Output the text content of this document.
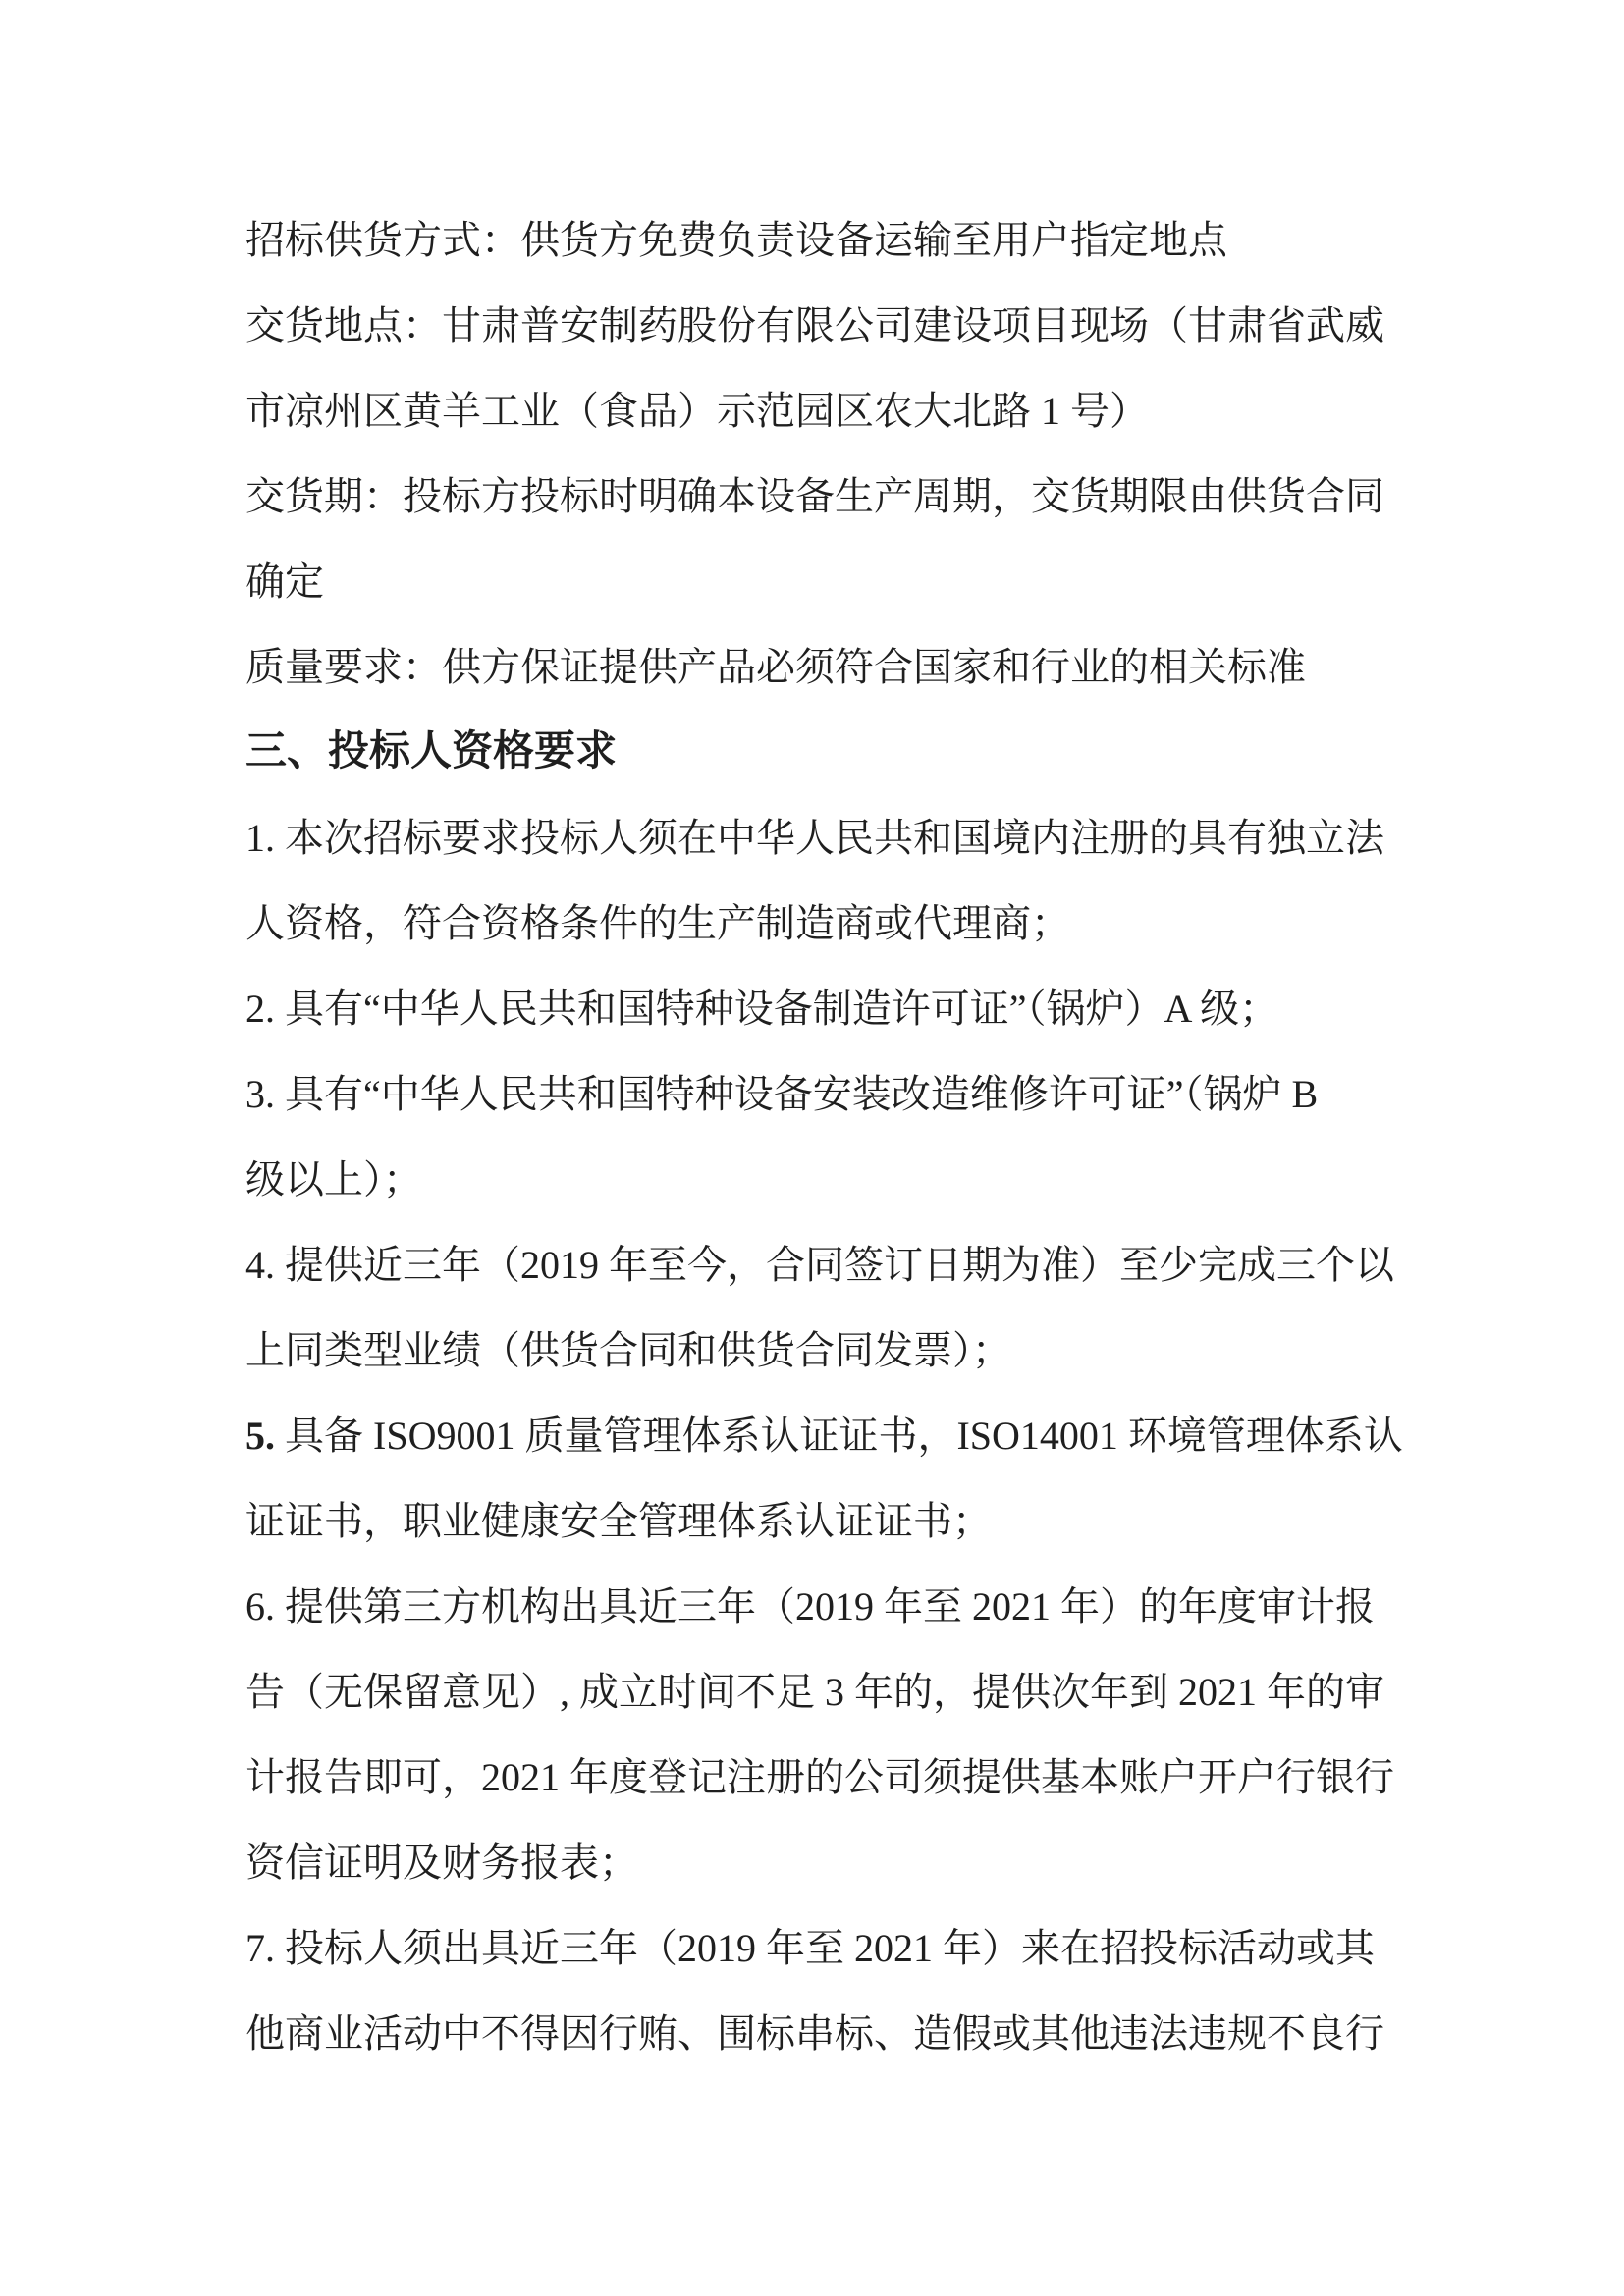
招标供货方式：供货方免费负责设备运输至用户指定地点
交货地点：甘肃普安制药股份有限公司建设项目现场（甘肃省武威
市凉州区黄羊工业（食品）示范园区农大北路 1 号）
交货期：投标方投标时明确本设备生产周期，交货期限由供货合同
确定
质量要求：供方保证提供产品必须符合国家和行业的相关标准
三、投标人资格要求
1. 本次招标要求投标人须在中华人民共和国境内注册的具有独立法
人资格，符合资格条件的生产制造商或代理商；
2. 具有“中华人民共和国特种设备制造许可证”（锅炉）A 级；
3. 具有“中华人民共和国特种设备安装改造维修许可证”（锅炉 B
级以上）；
4. 提供近三年（2019 年至今，合同签订日期为准）至少完成三个以
上同类型业绩（供货合同和供货合同发票）；
5. 具备 ISO9001 质量管理体系认证证书，ISO14001 环境管理体系认
证证书，职业健康安全管理体系认证证书；
6. 提供第三方机构出具近三年（2019 年至 2021 年）的年度审计报
告（无保留意见）, 成立时间不足 3 年的，提供次年到 2021 年的审
计报告即可，2021 年度登记注册的公司须提供基本账户开户行银行
资信证明及财务报表；
7. 投标人须出具近三年（2019 年至 2021 年）来在招投标活动或其
他商业活动中不得因行贿、围标串标、造假或其他违法违规不良行
